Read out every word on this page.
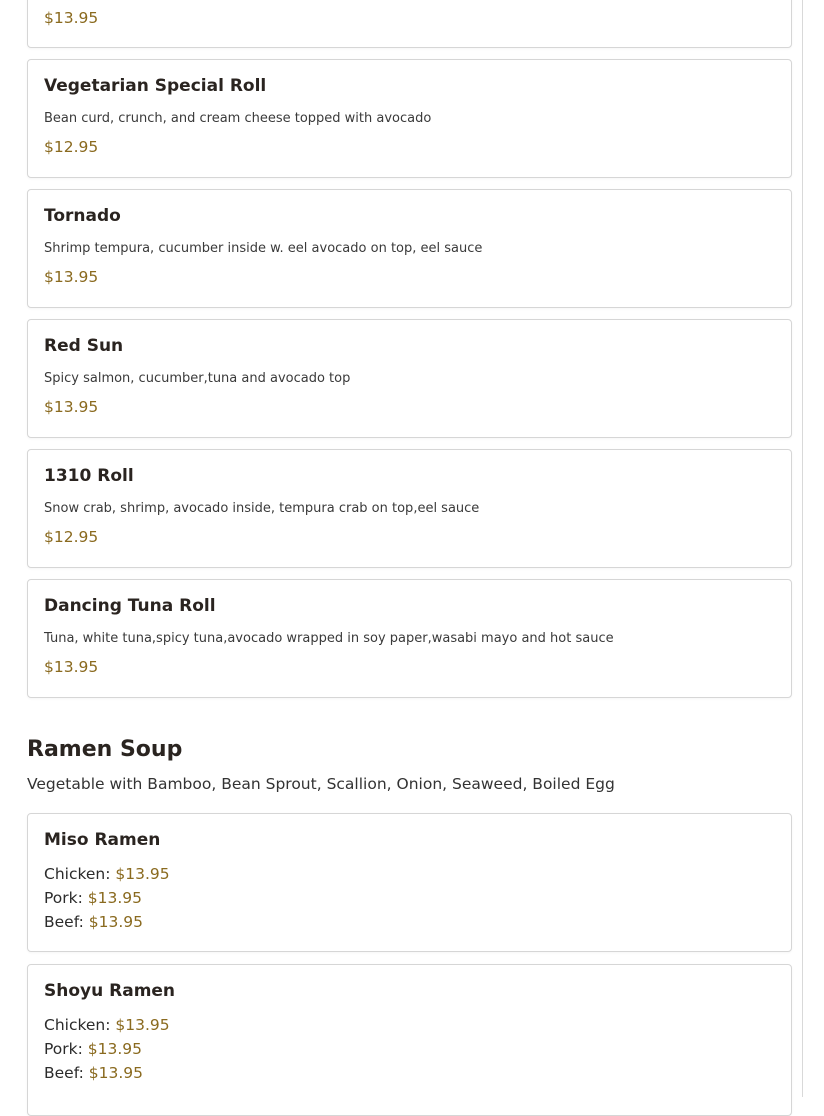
$13.95
Vegetarian Special Roll
Bean curd, crunch, and cream cheese topped with avocado
$12.95
Tornado
Shrimp tempura, cucumber inside w. eel avocado on top, eel sauce
$13.95
Red Sun
Spicy salmon, cucumber,tuna and avocado top
$13.95
1310 Roll
Snow crab, shrimp, avocado inside, tempura crab on top,eel sauce
$12.95
Dancing Tuna Roll
Tuna, white tuna,spicy tuna,avocado wrapped in soy paper,wasabi mayo and hot sauce
$13.95
Ramen Soup
Vegetable with Bamboo, Bean Sprout, Scallion, Onion, Seaweed, Boiled Egg
Miso Ramen
Chicken: $13.95
Pork: $13.95
Beef: $13.95
Shoyu Ramen
Chicken: $13.95
Pork: $13.95
Beef: $13.95
